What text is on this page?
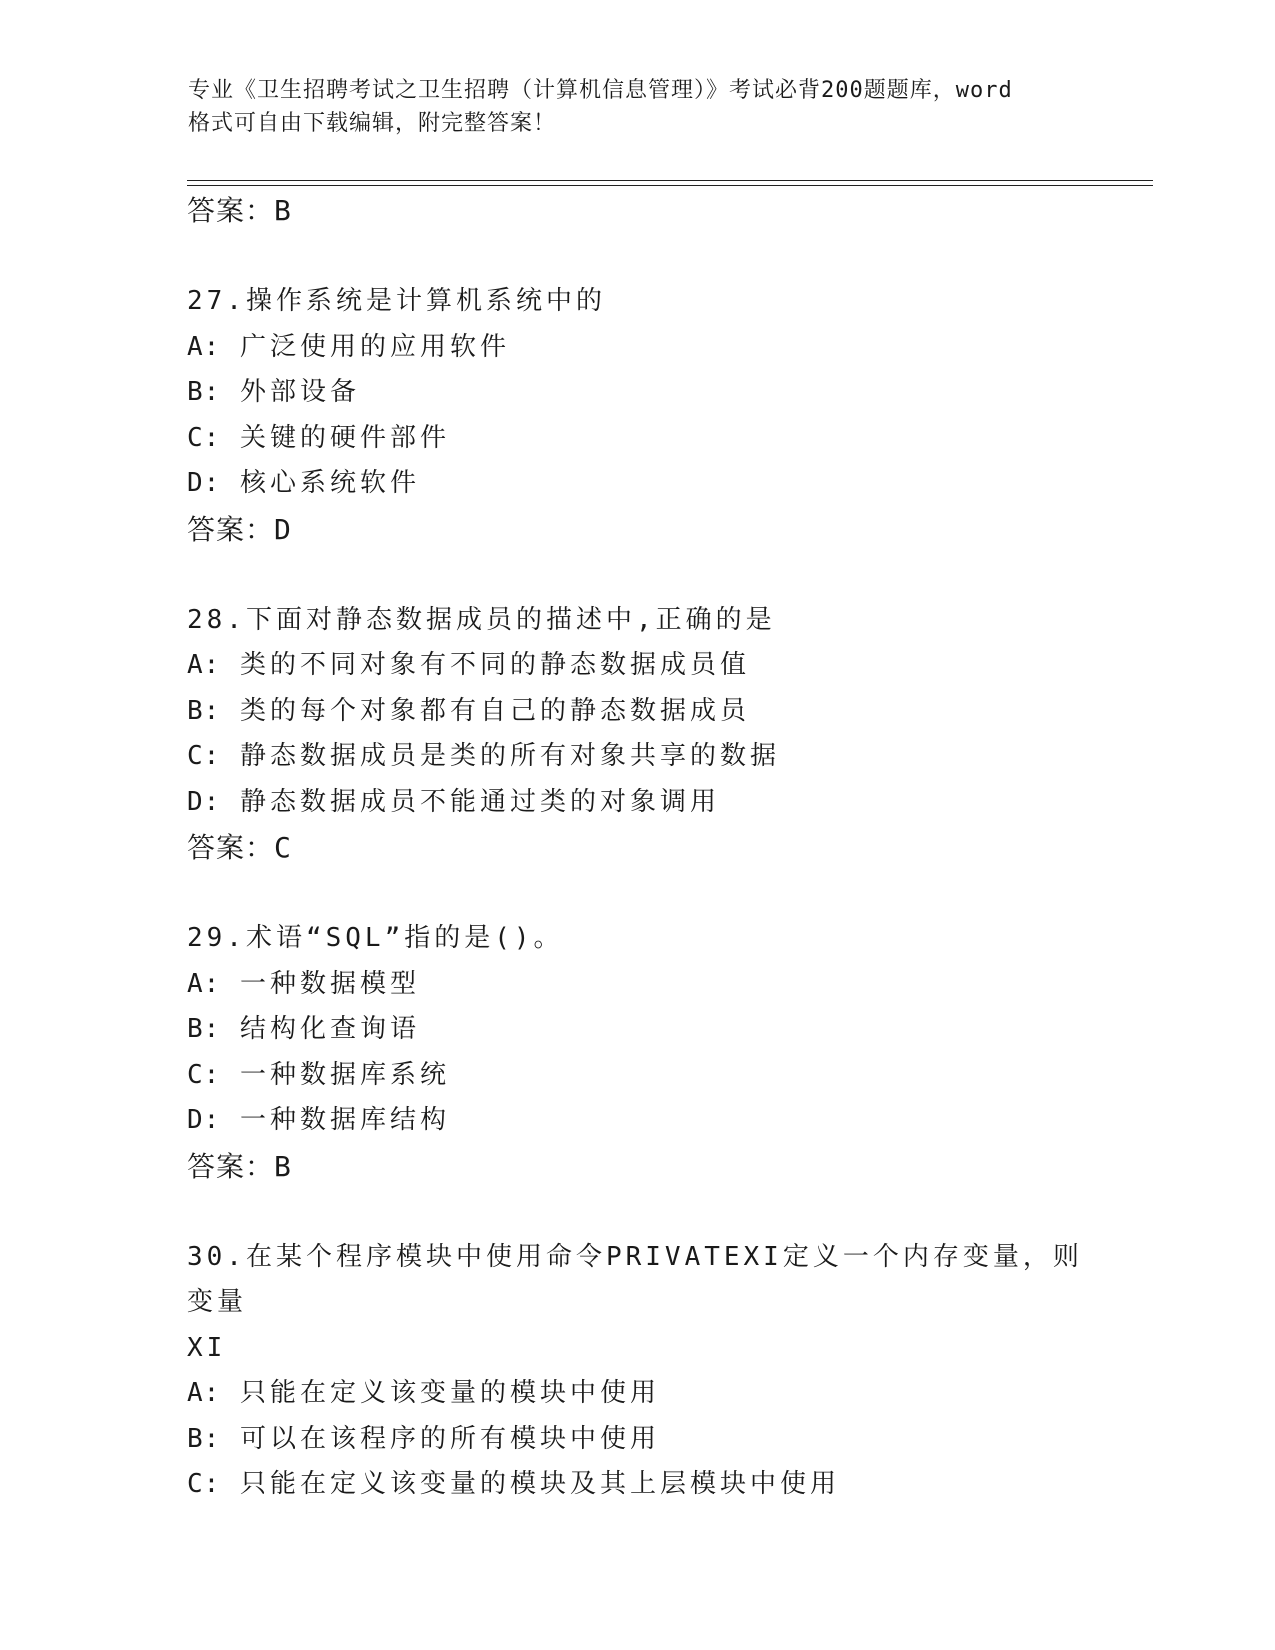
专业《卫生招聘考试之卫生招聘（计算机信息管理）》考试必背200题题库，word
格式可自由下载编辑，附完整答案！
答案：B
27.操作系统是计算机系统中的
A: 广泛使用的应用软件
B: 外部设备
C: 关键的硬件部件
D: 核心系统软件
答案：D
28.下面对静态数据成员的描述中,正确的是
A: 类的不同对象有不同的静态数据成员值
B: 类的每个对象都有自己的静态数据成员
C: 静态数据成员是类的所有对象共享的数据
D: 静态数据成员不能通过类的对象调用
答案：C
29.术语“SQL”指的是()。
A: 一种数据模型
B: 结构化查询语
C: 一种数据库系统
D: 一种数据库结构
答案：B
30.在某个程序模块中使用命令PRIVATEXI定义一个内存变量，则变量
XI
A: 只能在定义该变量的模块中使用
B: 可以在该程序的所有模块中使用
C: 只能在定义该变量的模块及其上层模块中使用
